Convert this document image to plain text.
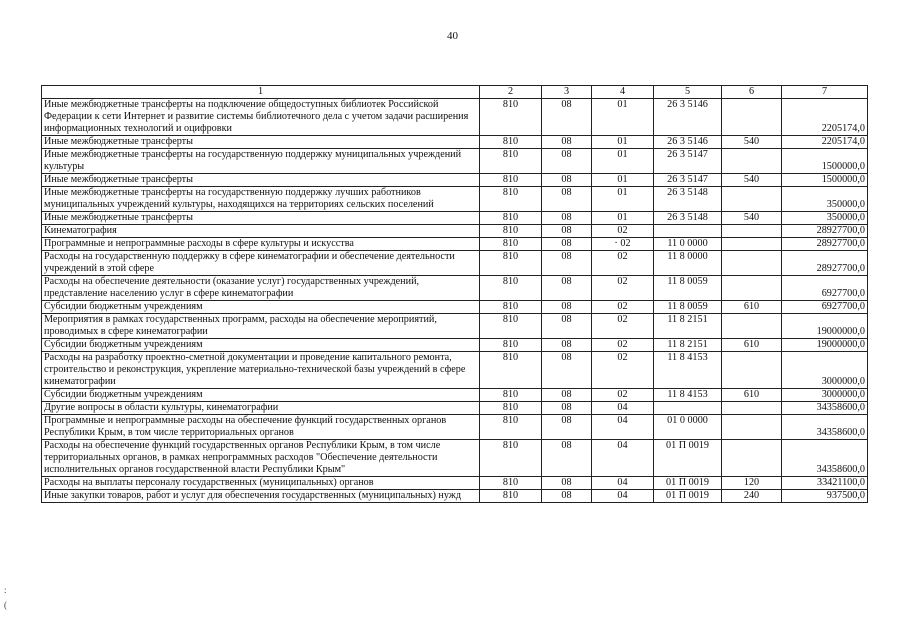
40
1	2	3	4	5	6	7
Иные межбюджетные трансферты на подключение общедоступных библиотек Российской Федерации к сети Интернет и развитие системы библиотечного дела с учетом задачи расширения информационных технологий и оцифровки	810	08	01	26 3 5146		2205174,0
Иные межбюджетные трансферты	810	08	01	26 3 5146	540	2205174,0
Иные межбюджетные трансферты на государственную поддержку муниципальных учреждений культуры	810	08	01	26 3 5147		1500000,0
Иные межбюджетные трансферты	810	08	01	26 3 5147	540	1500000,0
Иные межбюджетные трансферты на государственную поддержку лучших работников муниципальных учреждений культуры, находящихся на территориях сельских поселений	810	08	01	26 3 5148		350000,0
Иные межбюджетные трансферты	810	08	01	26 3 5148	540	350000,0
Кинематография	810	08	02			28927700,0
Программные и непрограммные расходы в сфере культуры и искусства	810	08	· 02	11 0 0000		28927700,0
Расходы на государственную поддержку в сфере кинематографии и обеспечение деятельности учреждений в этой сфере	810	08	02	11 8 0000		28927700,0
Расходы на обеспечение деятельности (оказание услуг) государственных учреждений, представление населению услуг в сфере кинематографии	810	08	02	11 8 0059		6927700,0
Субсидии бюджетным учреждениям	810	08	02	11 8 0059	610	6927700,0
Мероприятия в рамках государственных программ, расходы на обеспечение мероприятий, проводимых в сфере кинематографии	810	08	02	11 8 2151		19000000,0
Субсидии бюджетным учреждениям	810	08	02	11 8 2151	610	19000000,0
Расходы на разработку проектно-сметной документации и проведение капитального ремонта, строительство и реконструкция, укрепление материально-технической базы учреждений в сфере кинематографии	810	08	02	11 8 4153		3000000,0
Субсидии бюджетным учреждениям	810	08	02	11 8 4153	610	3000000,0
Другие вопросы в области культуры, кинематографии	810	08	04			34358600,0
Программные и непрограммные расходы на обеспечение функций государственных органов Республики Крым, в том числе территориальных органов	810	08	04	01 0 0000		34358600,0
Расходы на обеспечение функций государственных органов Республики Крым, в том числе территориальных органов, в рамках непрограммных расходов "Обеспечение деятельности исполнительных органов государственной власти Республики Крым"	810	08	04	01 П 0019		34358600,0
Расходы на выплаты персоналу государственных (муниципальных) органов	810	08	04	01 П 0019	120	33421100,0
Иные закупки товаров, работ и услуг для обеспечения государственных (муниципальных) нужд	810	08	04	01 П 0019	240	937500,0
:
(
